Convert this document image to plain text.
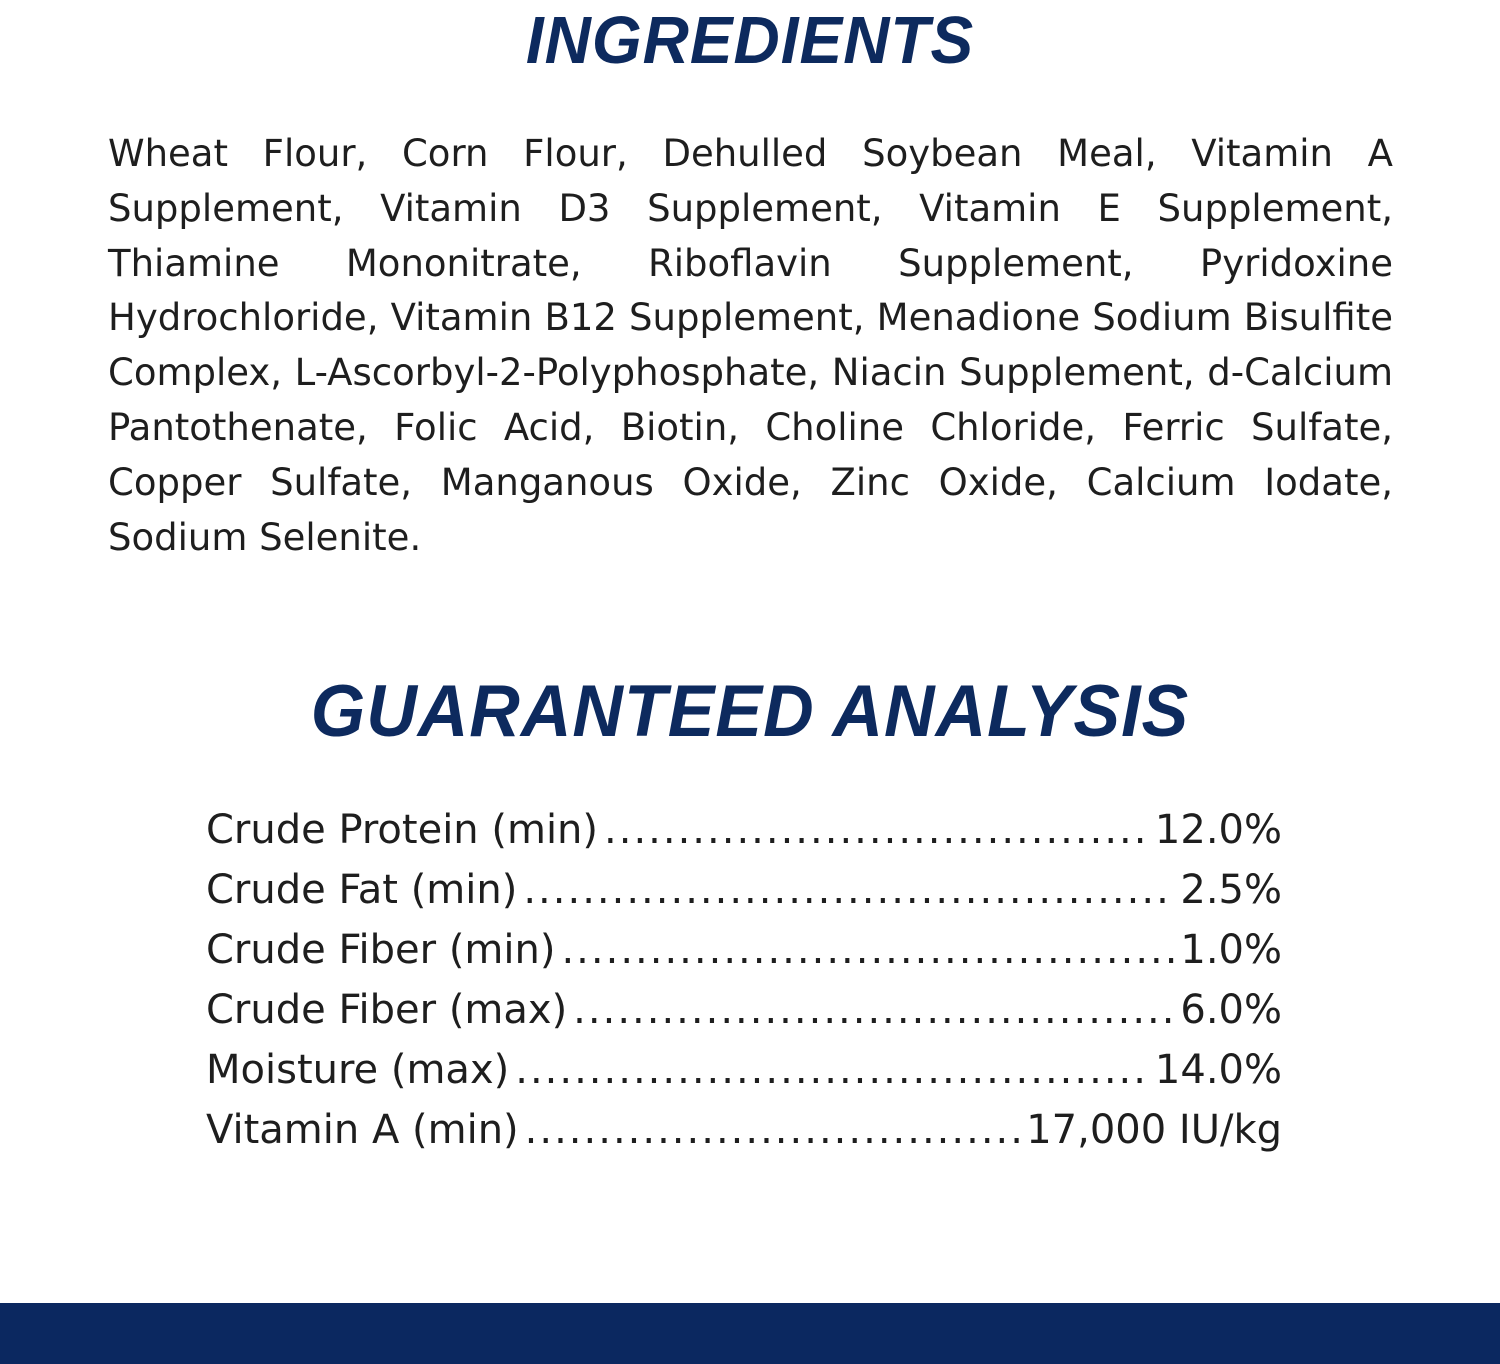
INGREDIENTS

Wheat Flour, Corn Flour, Dehulled Soybean Meal, Vitamin A Supplement, Vitamin D3 Supplement, Vitamin E Supplement, Thiamine Mononitrate, Riboflavin Supplement, Pyridoxine Hydrochloride, Vitamin B12 Supplement, Menadione Sodium Bisulfite Complex, L-Ascorbyl-2-Polyphosphate, Niacin Supplement, d-Calcium Pantothenate, Folic Acid, Biotin, Choline Chloride, Ferric Sulfate, Copper Sulfate, Manganous Oxide, Zinc Oxide, Calcium Iodate, Sodium Selenite.

GUARANTEED ANALYSIS
Crude Protein (min) .....	12.0%
Crude Fat (min) .....	2.5%
Crude Fiber (min) .....	1.0%
Crude Fiber (max) .....	6.0%
Moisture (max) .....	14.0%
Vitamin A (min) .....	17,000 IU/kg
